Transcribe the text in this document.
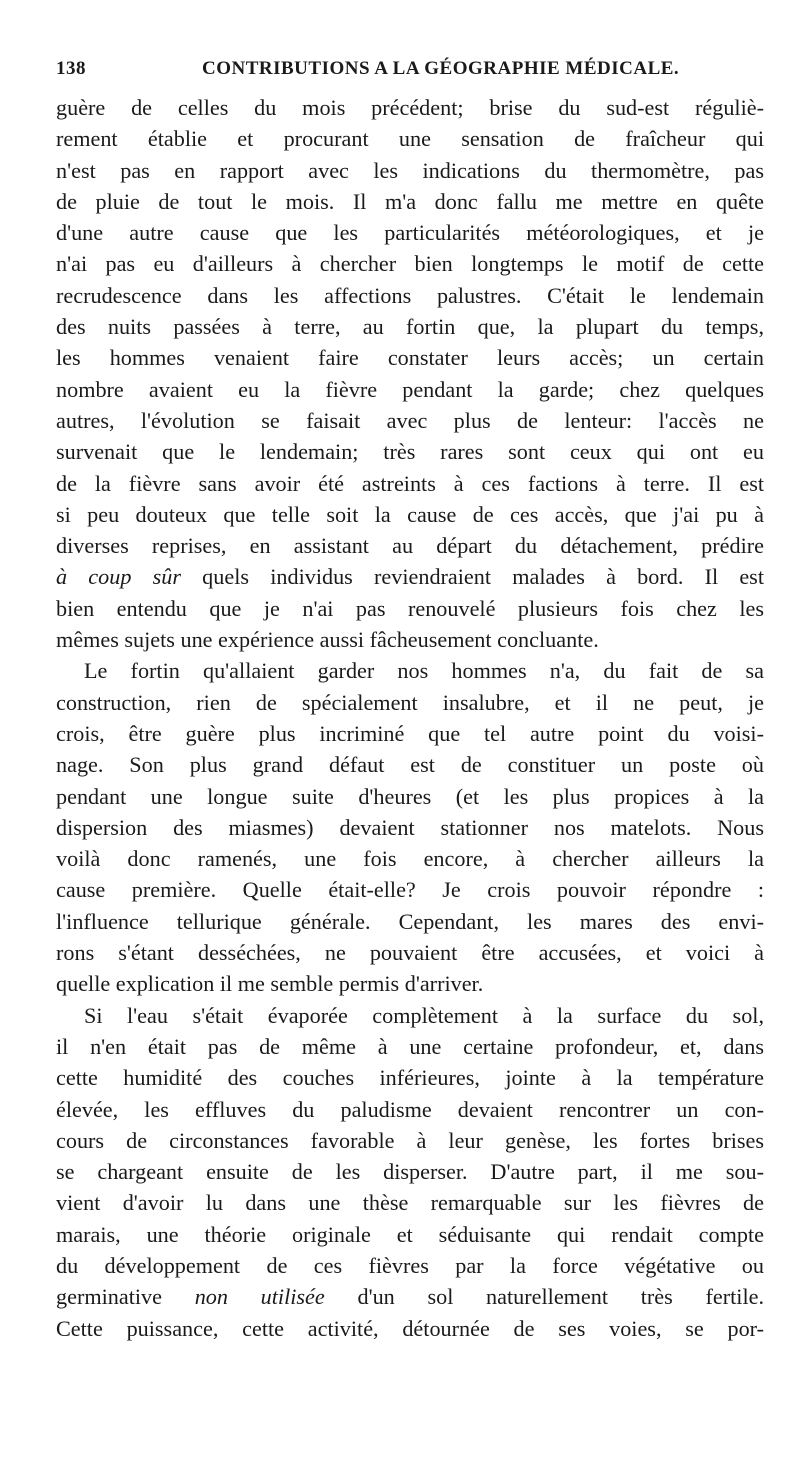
138	CONTRIBUTIONS A LA GÉOGRAPHIE MÉDICALE.
guère de celles du mois précédent; brise du sud-est réguliè-
rement établie et procurant une sensation de fraîcheur qui
n'est pas en rapport avec les indications du thermomètre, pas
de pluie de tout le mois. Il m'a donc fallu me mettre en quête
d'une autre cause que les particularités météorologiques, et je
n'ai pas eu d'ailleurs à chercher bien longtemps le motif de cette
recrudescence dans les affections palustres. C'était le lendemain
des nuits passées à terre, au fortin que, la plupart du temps,
les hommes venaient faire constater leurs accès; un certain
nombre avaient eu la fièvre pendant la garde; chez quelques
autres, l'évolution se faisait avec plus de lenteur: l'accès ne
survenait que le lendemain; très rares sont ceux qui ont eu
de la fièvre sans avoir été astreints à ces factions à terre. Il est
si peu douteux que telle soit la cause de ces accès, que j'ai pu à
diverses reprises, en assistant au départ du détachement, prédire
à coup sûr quels individus reviendraient malades à bord. Il est
bien entendu que je n'ai pas renouvelé plusieurs fois chez les
mêmes sujets une expérience aussi fâcheusement concluante.
Le fortin qu'allaient garder nos hommes n'a, du fait de sa
construction, rien de spécialement insalubre, et il ne peut, je
crois, être guère plus incriminé que tel autre point du voisi-
nage. Son plus grand défaut est de constituer un poste où
pendant une longue suite d'heures (et les plus propices à la
dispersion des miasmes) devaient stationner nos matelots. Nous
voilà donc ramenés, une fois encore, à chercher ailleurs la
cause première. Quelle était-elle? Je crois pouvoir répondre :
l'influence tellurique générale. Cependant, les mares des envi-
rons s'étant desséchées, ne pouvaient être accusées, et voici à
quelle explication il me semble permis d'arriver.
Si l'eau s'était évaporée complètement à la surface du sol,
il n'en était pas de même à une certaine profondeur, et, dans
cette humidité des couches inférieures, jointe à la température
élevée, les effluves du paludisme devaient rencontrer un con-
cours de circonstances favorable à leur genèse, les fortes brises
se chargeant ensuite de les disperser. D'autre part, il me sou-
vient d'avoir lu dans une thèse remarquable sur les fièvres de
marais, une théorie originale et séduisante qui rendait compte
du développement de ces fièvres par la force végétative ou
germinative non utilisée d'un sol naturellement très fertile.
Cette puissance, cette activité, détournée de ses voies, se por-
